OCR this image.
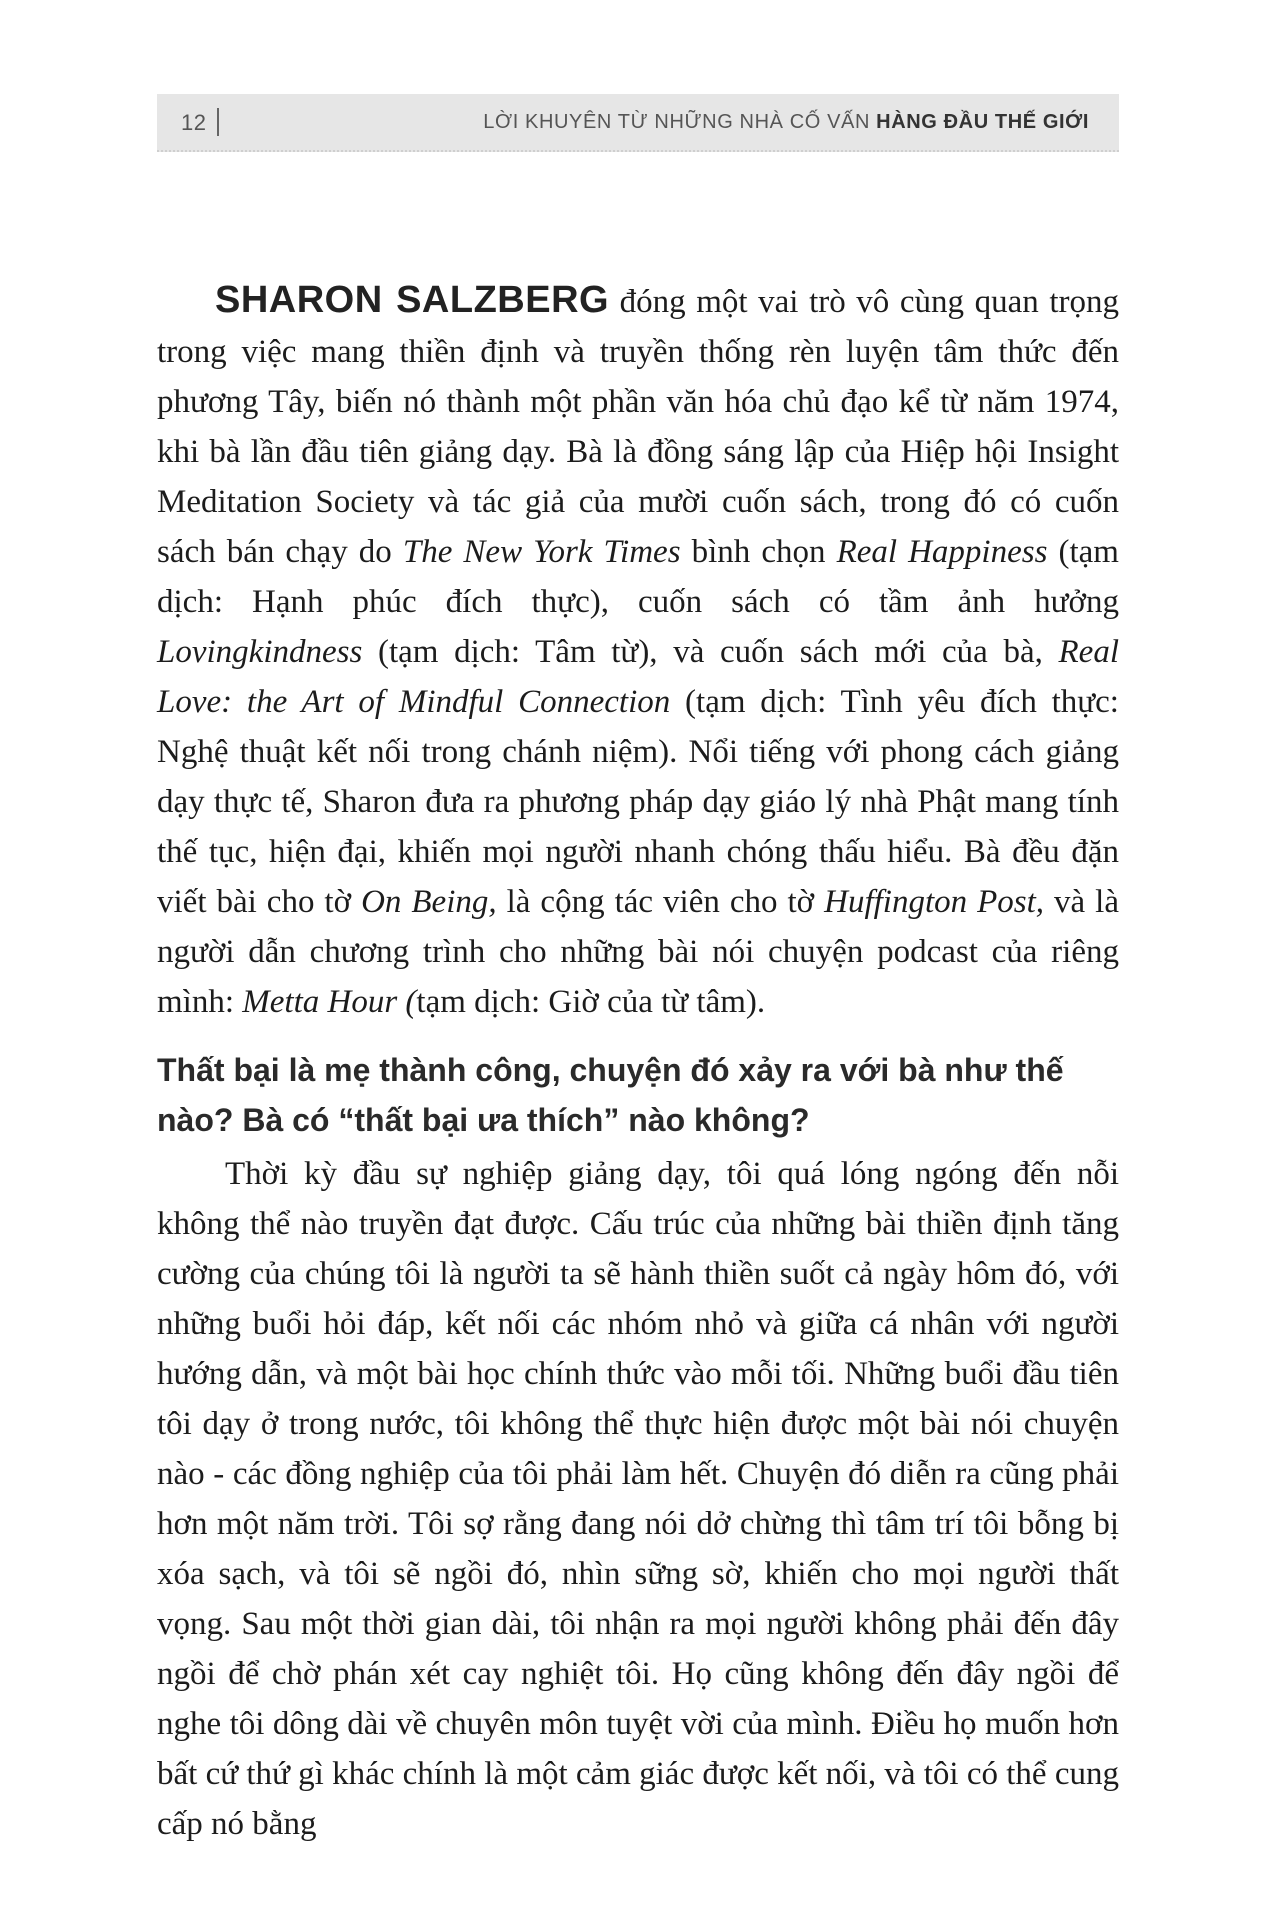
12	LỜI KHUYÊN TỪ NHỮNG NHÀ CỐ VẤN HÀNG ĐẦU THẾ GIỚI

SHARON SALZBERG đóng một vai trò vô cùng quan trọng trong việc mang thiền định và truyền thống rèn luyện tâm thức đến phương Tây, biến nó thành một phần văn hóa chủ đạo kể từ năm 1974, khi bà lần đầu tiên giảng dạy. Bà là đồng sáng lập của Hiệp hội Insight Meditation Society và tác giả của mười cuốn sách, trong đó có cuốn sách bán chạy do The New York Times bình chọn Real Happiness (tạm dịch: Hạnh phúc đích thực), cuốn sách có tầm ảnh hưởng Lovingkindness (tạm dịch: Tâm từ), và cuốn sách mới của bà, Real Love: the Art of Mindful Connection (tạm dịch: Tình yêu đích thực: Nghệ thuật kết nối trong chánh niệm). Nổi tiếng với phong cách giảng dạy thực tế, Sharon đưa ra phương pháp dạy giáo lý nhà Phật mang tính thế tục, hiện đại, khiến mọi người nhanh chóng thấu hiểu. Bà đều đặn viết bài cho tờ On Being, là cộng tác viên cho tờ Huffington Post, và là người dẫn chương trình cho những bài nói chuyện podcast của riêng mình: Metta Hour (tạm dịch: Giờ của từ tâm).

Thất bại là mẹ thành công, chuyện đó xảy ra với bà như thế nào? Bà có “thất bại ưa thích” nào không?

Thời kỳ đầu sự nghiệp giảng dạy, tôi quá lóng ngóng đến nỗi không thể nào truyền đạt được. Cấu trúc của những bài thiền định tăng cường của chúng tôi là người ta sẽ hành thiền suốt cả ngày hôm đó, với những buổi hỏi đáp, kết nối các nhóm nhỏ và giữa cá nhân với người hướng dẫn, và một bài học chính thức vào mỗi tối. Những buổi đầu tiên tôi dạy ở trong nước, tôi không thể thực hiện được một bài nói chuyện nào - các đồng nghiệp của tôi phải làm hết. Chuyện đó diễn ra cũng phải hơn một năm trời. Tôi sợ rằng đang nói dở chừng thì tâm trí tôi bỗng bị xóa sạch, và tôi sẽ ngồi đó, nhìn sững sờ, khiến cho mọi người thất vọng. Sau một thời gian dài, tôi nhận ra mọi người không phải đến đây ngồi để chờ phán xét cay nghiệt tôi. Họ cũng không đến đây ngồi để nghe tôi dông dài về chuyên môn tuyệt vời của mình. Điều họ muốn hơn bất cứ thứ gì khác chính là một cảm giác được kết nối, và tôi có thể cung cấp nó bằng
